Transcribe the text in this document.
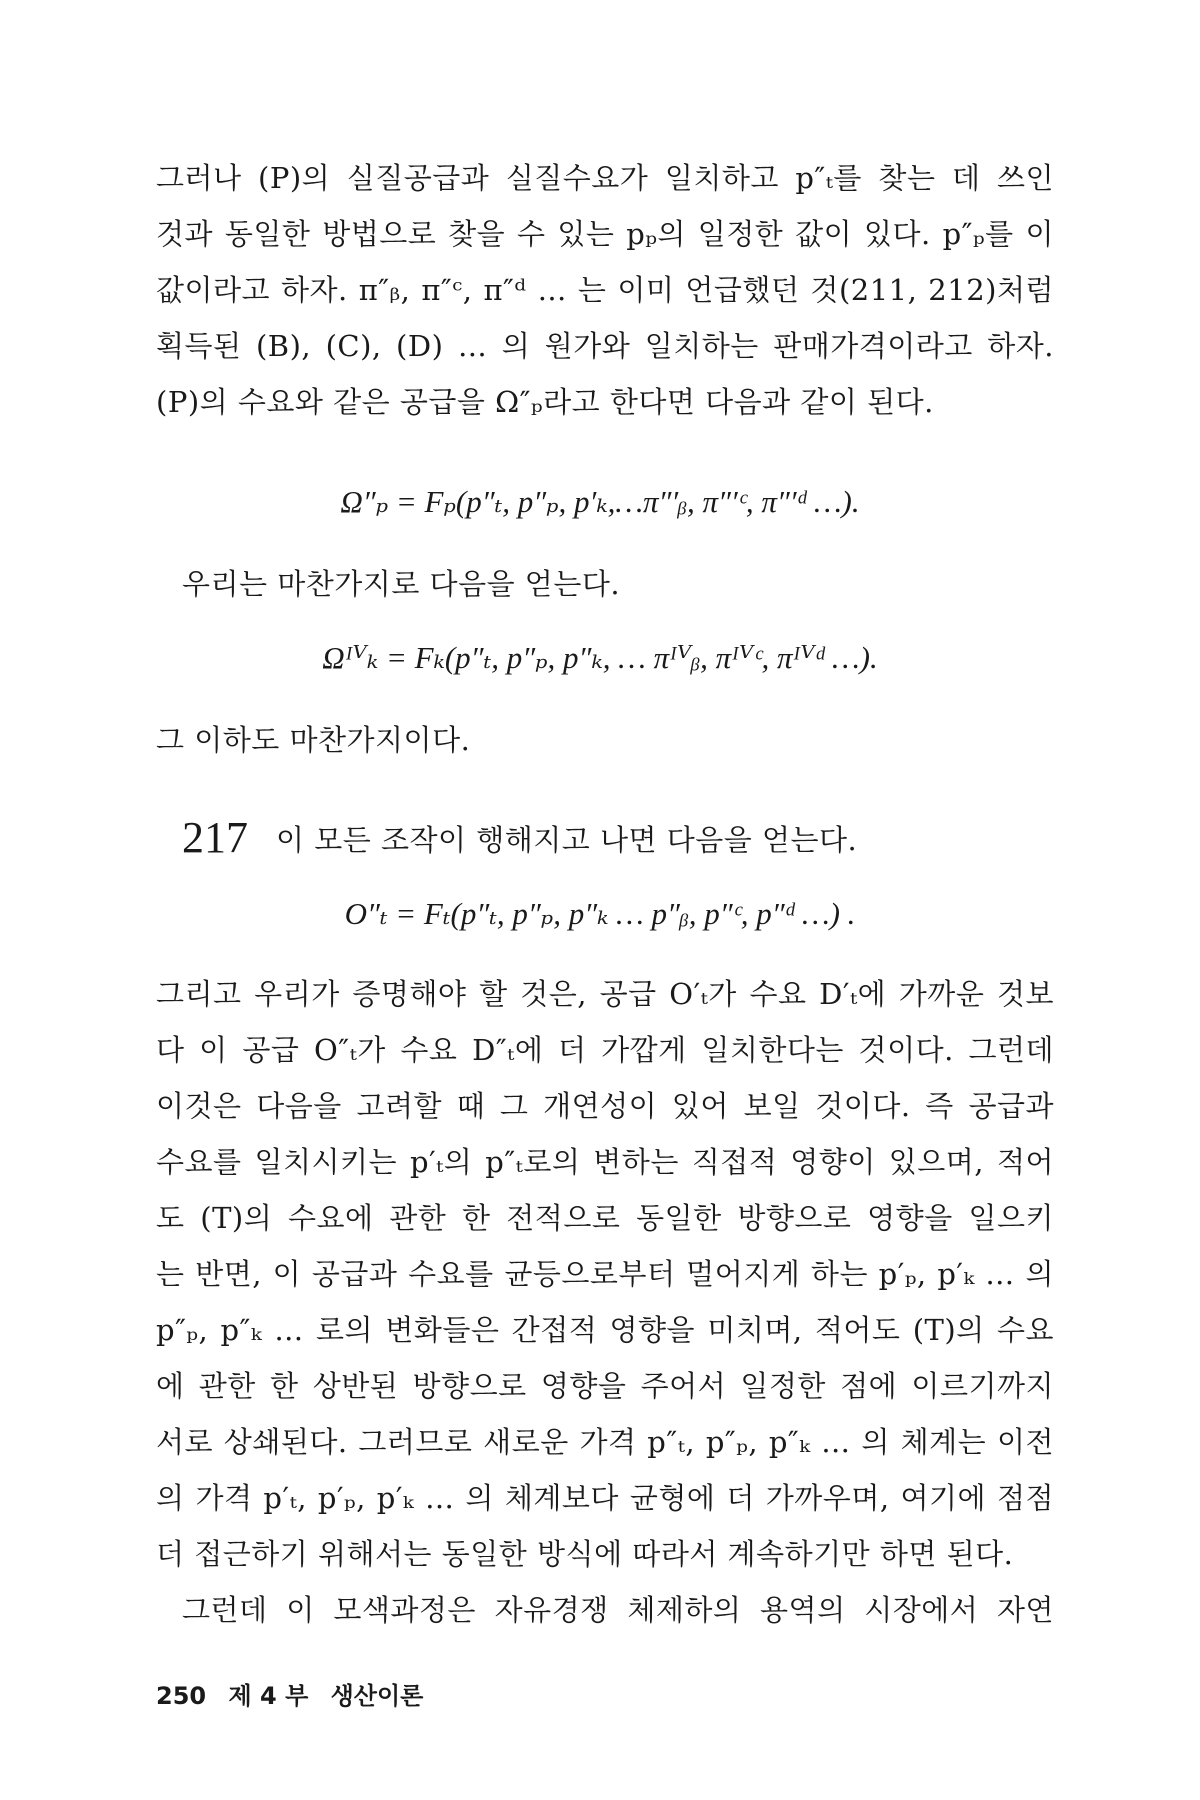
그러나 (P)의 실질공급과 실질수요가 일치하고 p″ₜ를 찾는 데 쓰인
것과 동일한 방법으로 찾을 수 있는 pₚ의 일정한 값이 있다. p″ₚ를 이
값이라고 하자. π″ᵦ, π″ᶜ, π″ᵈ … 는 이미 언급했던 것(211, 212)처럼
획득된 (B), (C), (D) … 의 원가와 일치하는 판매가격이라고 하자.
(P)의 수요와 같은 공급을 Ω″ₚ라고 한다면 다음과 같이 된다.
Ω″ₚ = Fₚ(p″ₜ, p″ₚ, p′ₖ,…π″′ᵦ, π″′ᶜ, π″′ᵈ …).
우리는 마찬가지로 다음을 얻는다.
Ωᴵⱽₖ = Fₖ(p″ₜ, p″ₚ, p″ₖ, … πᴵⱽᵦ, πᴵⱽᶜ, πᴵⱽᵈ …).
그 이하도 마찬가지이다.
217 이 모든 조작이 행해지고 나면 다음을 얻는다.
O″ₜ = Fₜ(p″ₜ, p″ₚ, p″ₖ … p″ᵦ, p″ᶜ, p″ᵈ …) .
그리고 우리가 증명해야 할 것은, 공급 O′ₜ가 수요 D′ₜ에 가까운 것보
다 이 공급 O″ₜ가 수요 D″ₜ에 더 가깝게 일치한다는 것이다. 그런데
이것은 다음을 고려할 때 그 개연성이 있어 보일 것이다. 즉 공급과
수요를 일치시키는 p′ₜ의 p″ₜ로의 변하는 직접적 영향이 있으며, 적어
도 (T)의 수요에 관한 한 전적으로 동일한 방향으로 영향을 일으키
는 반면, 이 공급과 수요를 균등으로부터 멀어지게 하는 p′ₚ, p′ₖ … 의
p″ₚ, p″ₖ … 로의 변화들은 간접적 영향을 미치며, 적어도 (T)의 수요
에 관한 한 상반된 방향으로 영향을 주어서 일정한 점에 이르기까지
서로 상쇄된다. 그러므로 새로운 가격 p″ₜ, p″ₚ, p″ₖ … 의 체계는 이전
의 가격 p′ₜ, p′ₚ, p′ₖ … 의 체계보다 균형에 더 가까우며, 여기에 점점
더 접근하기 위해서는 동일한 방식에 따라서 계속하기만 하면 된다.
그런데 이 모색과정은 자유경쟁 체제하의 용역의 시장에서 자연
250 제 4 부 생산이론
